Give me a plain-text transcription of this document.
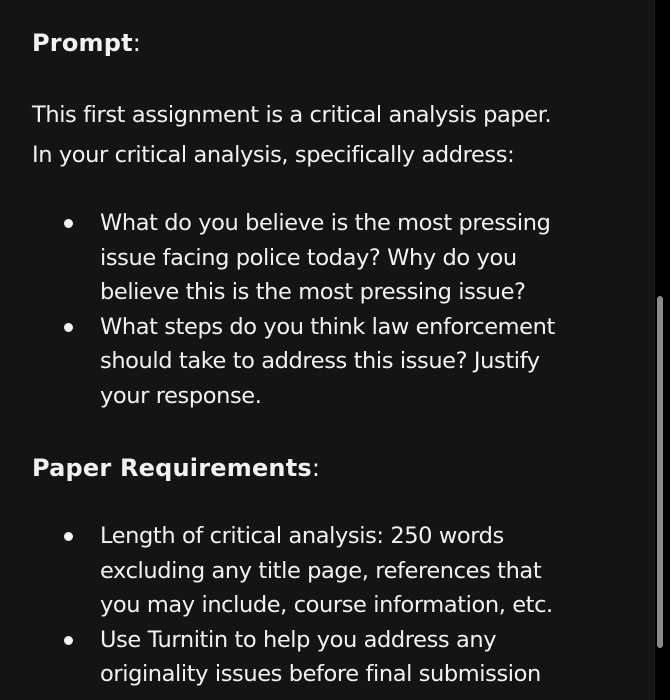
Prompt:
This first assignment is a critical analysis paper.
In your critical analysis, specifically address:
What do you believe is the most pressing
issue facing police today? Why do you
believe this is the most pressing issue?
What steps do you think law enforcement
should take to address this issue? Justify
your response.
Paper Requirements:
Length of critical analysis: 250 words
excluding any title page, references that
you may include, course information, etc.
Use Turnitin to help you address any
originality issues before final submission
